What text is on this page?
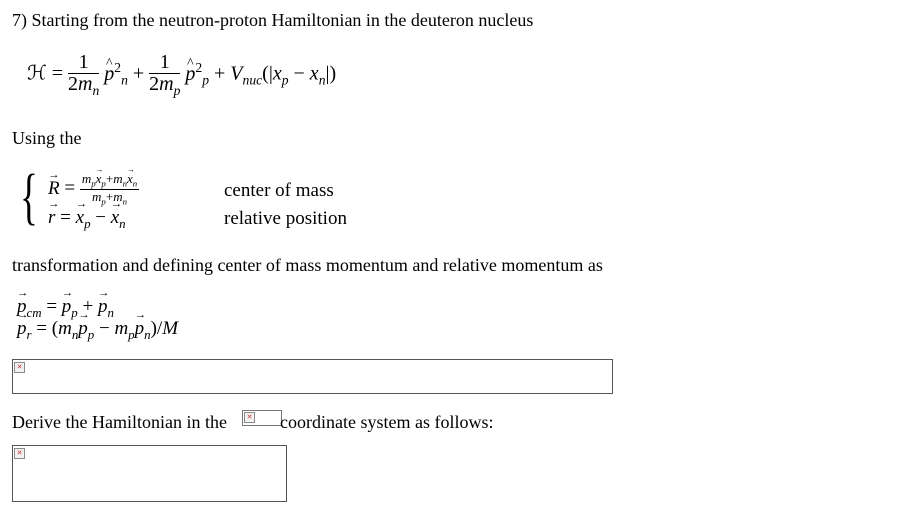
7) Starting from the neutron-proton Hamiltonian in the deuteron nucleus
ℋ = $\frac{1}{2m_n}$ ^ $p^2_n + \frac{1}{2m_p}$ ^ $p^2_p + V_{nuc}(|x_p - x_n|)$
Using the
{ → $R = \frac{m_p\to x_p+m_n\to x_n}{m_p+m_n}$
→ r = → $x_p$ − → $x_n$
center of mass
relative position
transformation and defining center of mass momentum and relative momentum as
→ $p_{cm}$ = → $p_p$ + → $p_n$
→ $p_r = (m_n\to p_p - m_p\to p_n)/M$
✕
Derive the Hamiltonian in the	✕ coordinate system as follows:
✕
